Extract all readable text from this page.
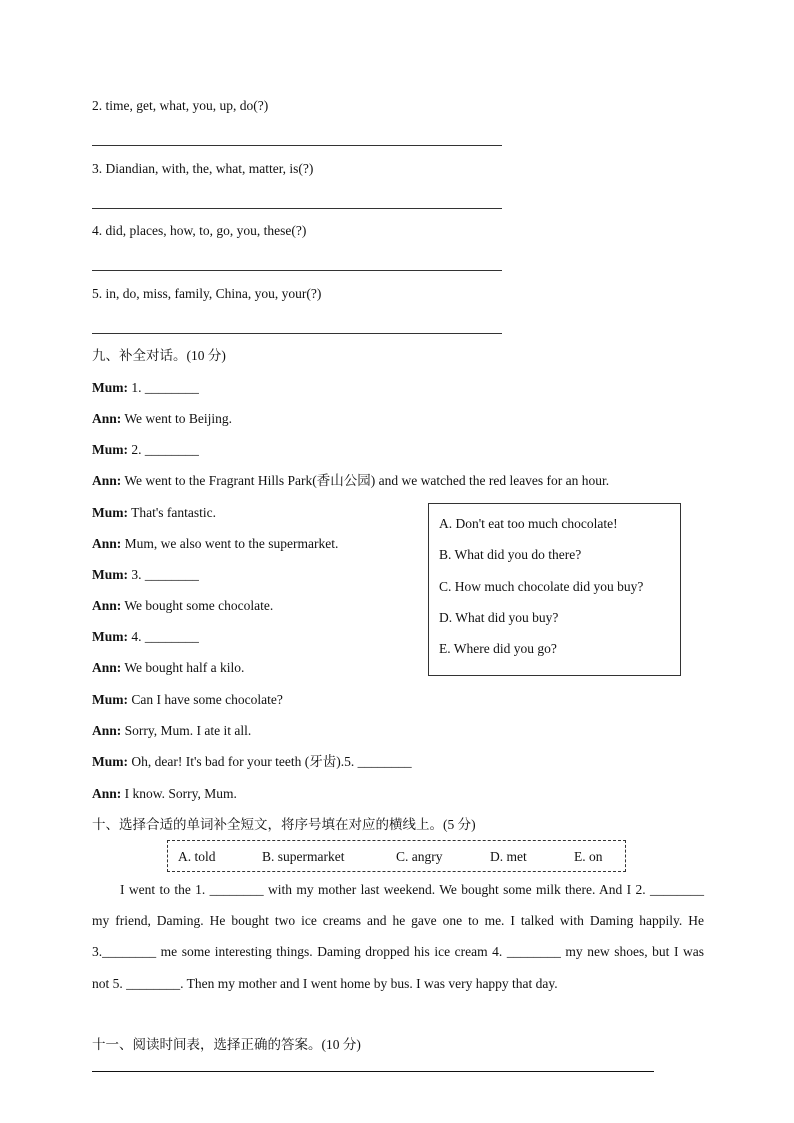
2. time, get, what, you, up, do(?)
3. Diandian, with, the, what, matter, is(?)
4. did, places, how, to, go, you, these(?)
5. in, do, miss, family, China, you, your(?)
九、补全对话。(10 分)
Mum: 1. ________
Ann: We went to Beijing.
Mum: 2. ________
Ann: We went to the Fragrant Hills Park(香山公园) and we watched the red leaves for an hour.
Mum: That's fantastic.
Ann: Mum, we also went to the supermarket.
Mum: 3. ________
Ann: We bought some chocolate.
Mum: 4. ________
Ann: We bought half a kilo.
Mum: Can I have some chocolate?
Ann: Sorry, Mum. I ate it all.
Mum: Oh, dear! It's bad for your teeth (牙齿).5. ________
Ann: I know. Sorry, Mum.
A. Don't eat too much chocolate!
B. What did you do there?
C. How much chocolate did you buy?
D. What did you buy?
E. Where did you go?
十、选择合适的单词补全短文，将序号填在对应的横线上。(5 分)
A. told	B. supermarket	C. angry	D. met	E. on
I went to the 1. ________ with my mother last weekend. We bought some milk there. And I 2. ________ my friend, Daming. He bought two ice creams and he gave one to me. I talked with Daming happily. He 3.________ me some interesting things. Daming dropped his ice cream 4. ________ my new shoes, but I was not 5. ________. Then my mother and I went home by bus. I was very happy that day.
十一、阅读时间表，选择正确的答案。(10 分)
